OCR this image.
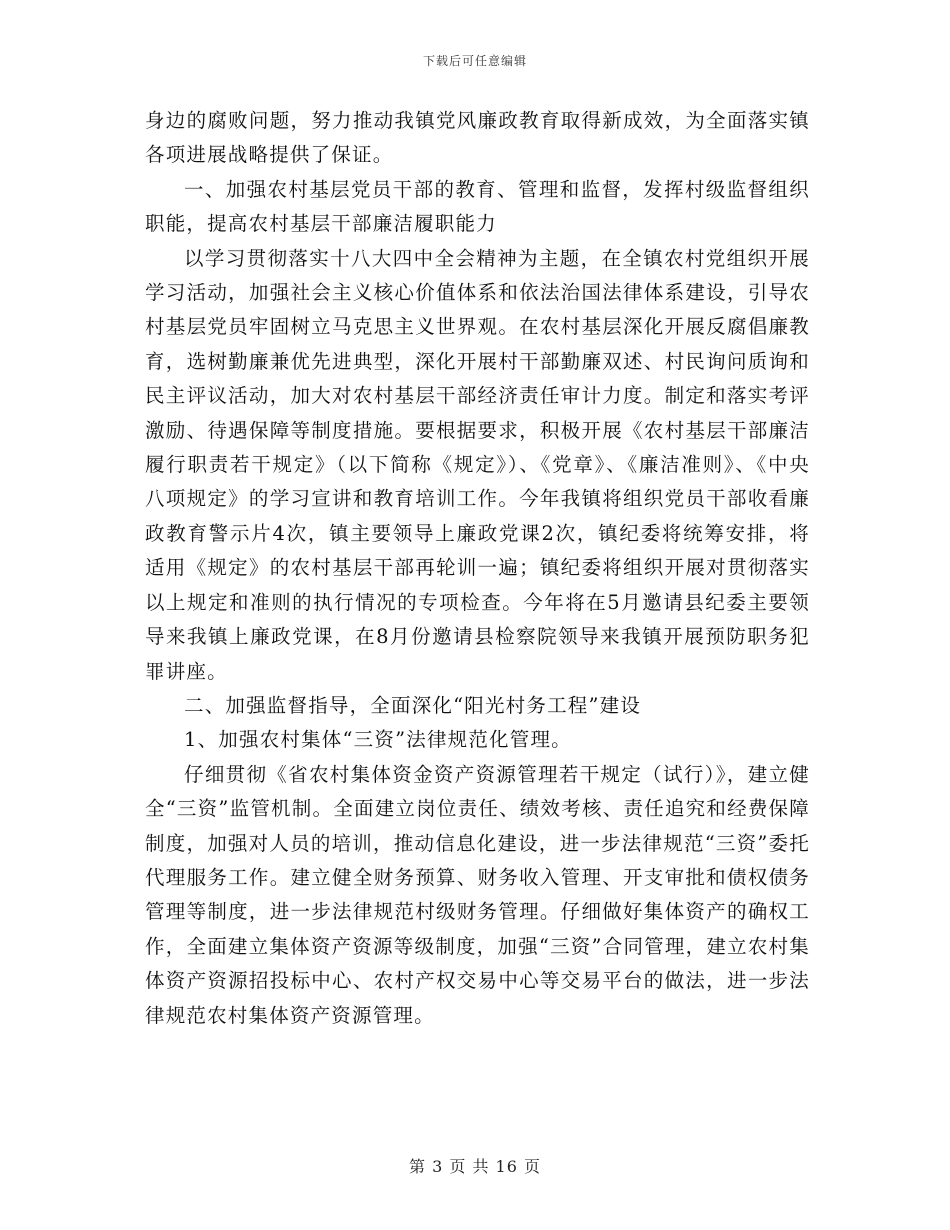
下载后可任意编辑

身边的腐败问题，努力推动我镇党风廉政教育取得新成效，为全面落实镇各项进展战略提供了保证。

一、加强农村基层党员干部的教育、管理和监督，发挥村级监督组织职能，提高农村基层干部廉洁履职能力

以学习贯彻落实十八大四中全会精神为主题，在全镇农村党组织开展学习活动，加强社会主义核心价值体系和依法治国法律体系建设，引导农村基层党员牢固树立马克思主义世界观。在农村基层深化开展反腐倡廉教育，选树勤廉兼优先进典型，深化开展村干部勤廉双述、村民询问质询和民主评议活动，加大对农村基层干部经济责任审计力度。制定和落实考评激励、待遇保障等制度措施。要根据要求，积极开展《农村基层干部廉洁履行职责若干规定》（以下简称《规定》）、《党章》、《廉洁准则》、《中央八项规定》的学习宣讲和教育培训工作。今年我镇将组织党员干部收看廉政教育警示片4次，镇主要领导上廉政党课2次，镇纪委将统筹安排，将适用《规定》的农村基层干部再轮训一遍；镇纪委将组织开展对贯彻落实以上规定和准则的执行情况的专项检查。今年将在5月邀请县纪委主要领导来我镇上廉政党课，在8月份邀请县检察院领导来我镇开展预防职务犯罪讲座。

二、加强监督指导，全面深化“阳光村务工程”建设

1、加强农村集体“三资”法律规范化管理。

仔细贯彻《省农村集体资金资产资源管理若干规定（试行）》，建立健全“三资”监管机制。全面建立岗位责任、绩效考核、责任追究和经费保障制度，加强对人员的培训，推动信息化建设，进一步法律规范“三资”委托代理服务工作。建立健全财务预算、财务收入管理、开支审批和债权债务管理等制度，进一步法律规范村级财务管理。仔细做好集体资产的确权工作，全面建立集体资产资源等级制度，加强“三资”合同管理，建立农村集体资产资源招投标中心、农村产权交易中心等交易平台的做法，进一步法律规范农村集体资产资源管理。

第 3 页 共 16 页
